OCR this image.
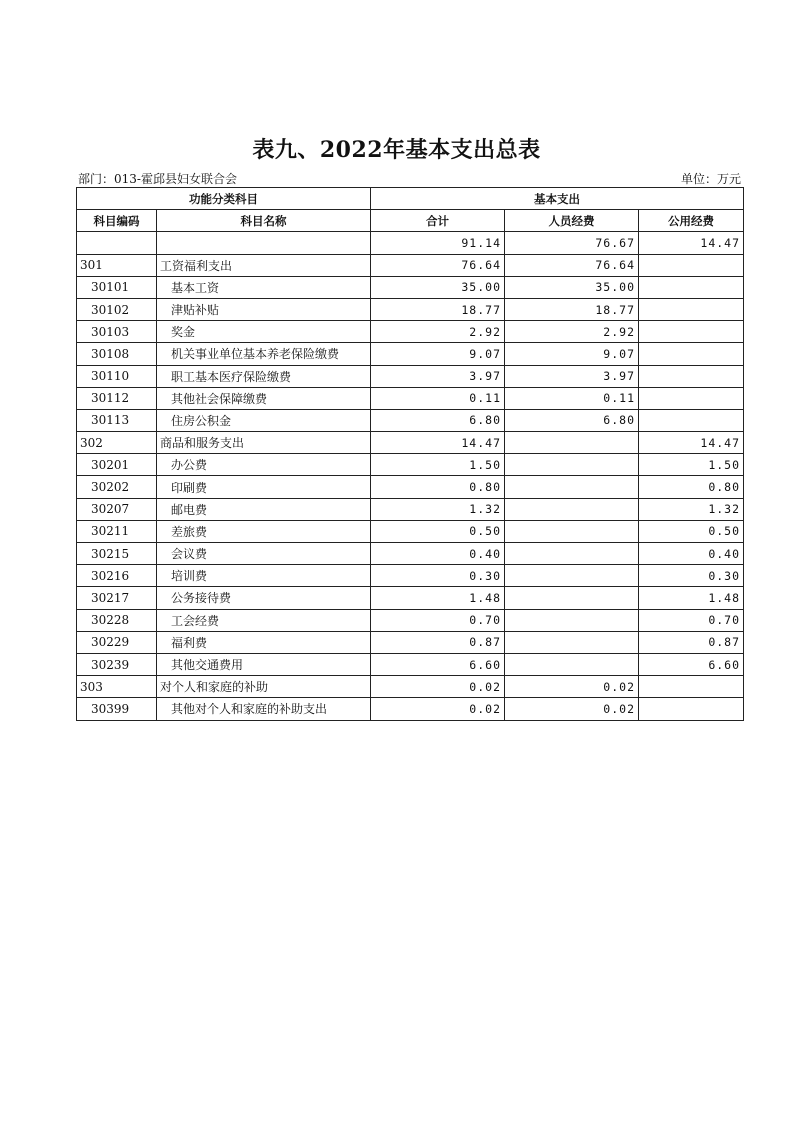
表九、2022年基本支出总表
部门：013-霍邱县妇女联合会	单位：万元
功能分类科目		基本支出		
科目编码	科目名称	合计	人员经费	公用经费
		91.14	76.67	14.47
301	工资福利支出	76.64	76.64	
30101	基本工资	35.00	35.00	
30102	津贴补贴	18.77	18.77	
30103	奖金	2.92	2.92	
30108	机关事业单位基本养老保险缴费	9.07	9.07	
30110	职工基本医疗保险缴费	3.97	3.97	
30112	其他社会保障缴费	0.11	0.11	
30113	住房公积金	6.80	6.80	
302	商品和服务支出	14.47		14.47
30201	办公费	1.50		1.50
30202	印刷费	0.80		0.80
30207	邮电费	1.32		1.32
30211	差旅费	0.50		0.50
30215	会议费	0.40		0.40
30216	培训费	0.30		0.30
30217	公务接待费	1.48		1.48
30228	工会经费	0.70		0.70
30229	福利费	0.87		0.87
30239	其他交通费用	6.60		6.60
303	对个人和家庭的补助	0.02	0.02	
30399	其他对个人和家庭的补助支出	0.02	0.02	
